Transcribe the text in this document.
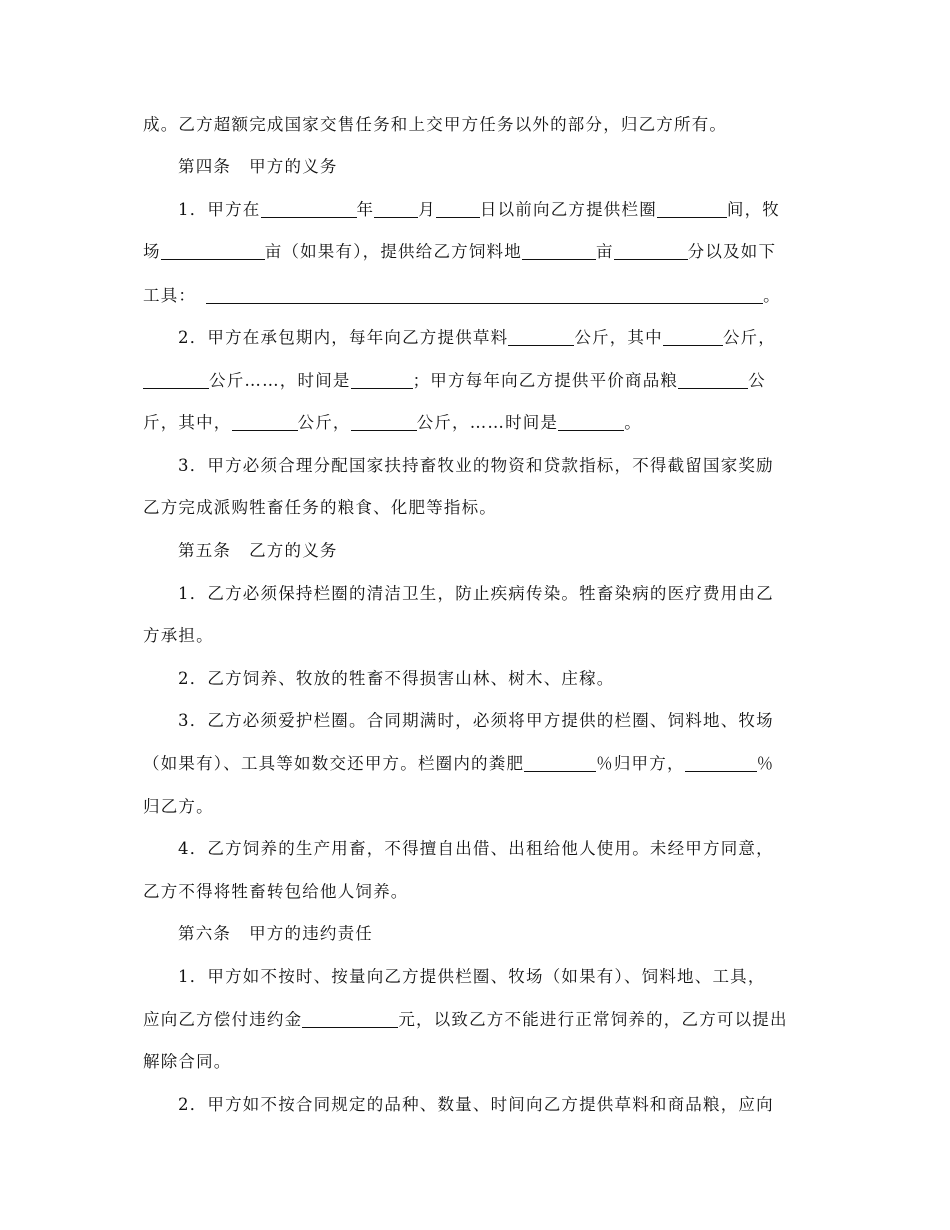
成。乙方超额完成国家交售任务和上交甲方任务以外的部分，归乙方所有。
第四条 甲方的义务
1．甲方在	年	月	日以前向乙方提供栏圈	间，牧
场	亩（如果有），提供给乙方饲料地	亩	分以及如下
工具：	。
2．甲方在承包期内，每年向乙方提供草料	公斤，其中	公斤，
公斤……，时间是	；甲方每年向乙方提供平价商品粮	公
斤，其中，	公斤，	公斤，……时间是	。
3．甲方必须合理分配国家扶持畜牧业的物资和贷款指标，不得截留国家奖励
乙方完成派购牲畜任务的粮食、化肥等指标。
第五条 乙方的义务
1．乙方必须保持栏圈的清洁卫生，防止疾病传染。牲畜染病的医疗费用由乙
方承担。
2．乙方饲养、牧放的牲畜不得损害山林、树木、庄稼。
3．乙方必须爱护栏圈。合同期满时，必须将甲方提供的栏圈、饲料地、牧场
（如果有）、工具等如数交还甲方。栏圈内的粪肥	％归甲方，	％
归乙方。
4．乙方饲养的生产用畜，不得擅自出借、出租给他人使用。未经甲方同意，
乙方不得将牲畜转包给他人饲养。
第六条 甲方的违约责任
1．甲方如不按时、按量向乙方提供栏圈、牧场（如果有）、饲料地、工具，
应向乙方偿付违约金	元，以致乙方不能进行正常饲养的，乙方可以提出
解除合同。
2．甲方如不按合同规定的品种、数量、时间向乙方提供草料和商品粮，应向
